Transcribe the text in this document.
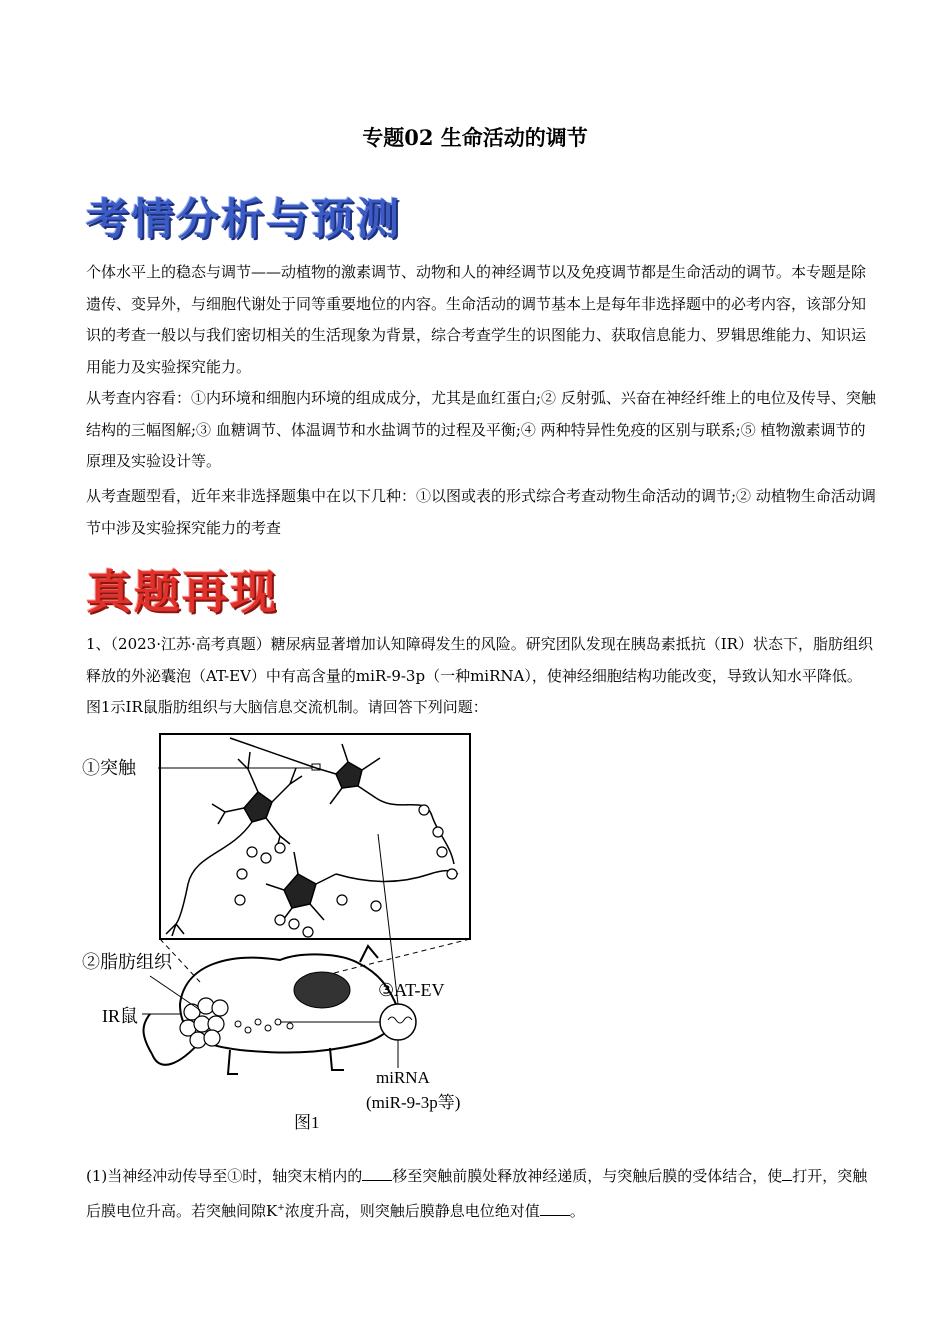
专题02 生命活动的调节
考情分析与预测
个体水平上的稳态与调节——动植物的激素调节、动物和人的神经调节以及免疫调节都是生命活动的调节。本专题是除遗传、变异外，与细胞代谢处于同等重要地位的内容。生命活动的调节基本上是每年非选择题中的必考内容，该部分知识的考查一般以与我们密切相关的生活现象为背景，综合考查学生的识图能力、获取信息能力、罗辑思维能力、知识运用能力及实验探究能力。
从考查内容看：①内环境和细胞内环境的组成成分，尤其是血红蛋白;② 反射弧、兴奋在神经纤维上的电位及传导、突触结构的三幅图解;③ 血糖调节、体温调节和水盐调节的过程及平衡;④ 两种特异性免疫的区别与联系;⑤ 植物激素调节的原理及实验设计等。
从考查题型看，近年来非选择题集中在以下几种：①以图或表的形式综合考查动物生命活动的调节;② 动植物生命活动调节中涉及实验探究能力的考查
真题再现
1、（2023·江苏·高考真题）糖尿病显著增加认知障碍发生的风险。研究团队发现在胰岛素抵抗（IR）状态下，脂肪组织释放的外泌囊泡（AT-EV）中有高含量的miR-9-3p（一种miRNA），使神经细胞结构功能改变，导致认知水平降低。图1示IR鼠脂肪组织与大脑信息交流机制。请回答下列问题：
①突触
②脂肪组织
IR鼠
③AT-EV
miRNA
(miR-9-3p等)
图1
(1)当神经冲动传导至①时，轴突末梢内的 移至突触前膜处释放神经递质，与突触后膜的受体结合，使 打开，突触后膜电位升高。若突触间隙K+浓度升高，则突触后膜静息电位绝对值 。
